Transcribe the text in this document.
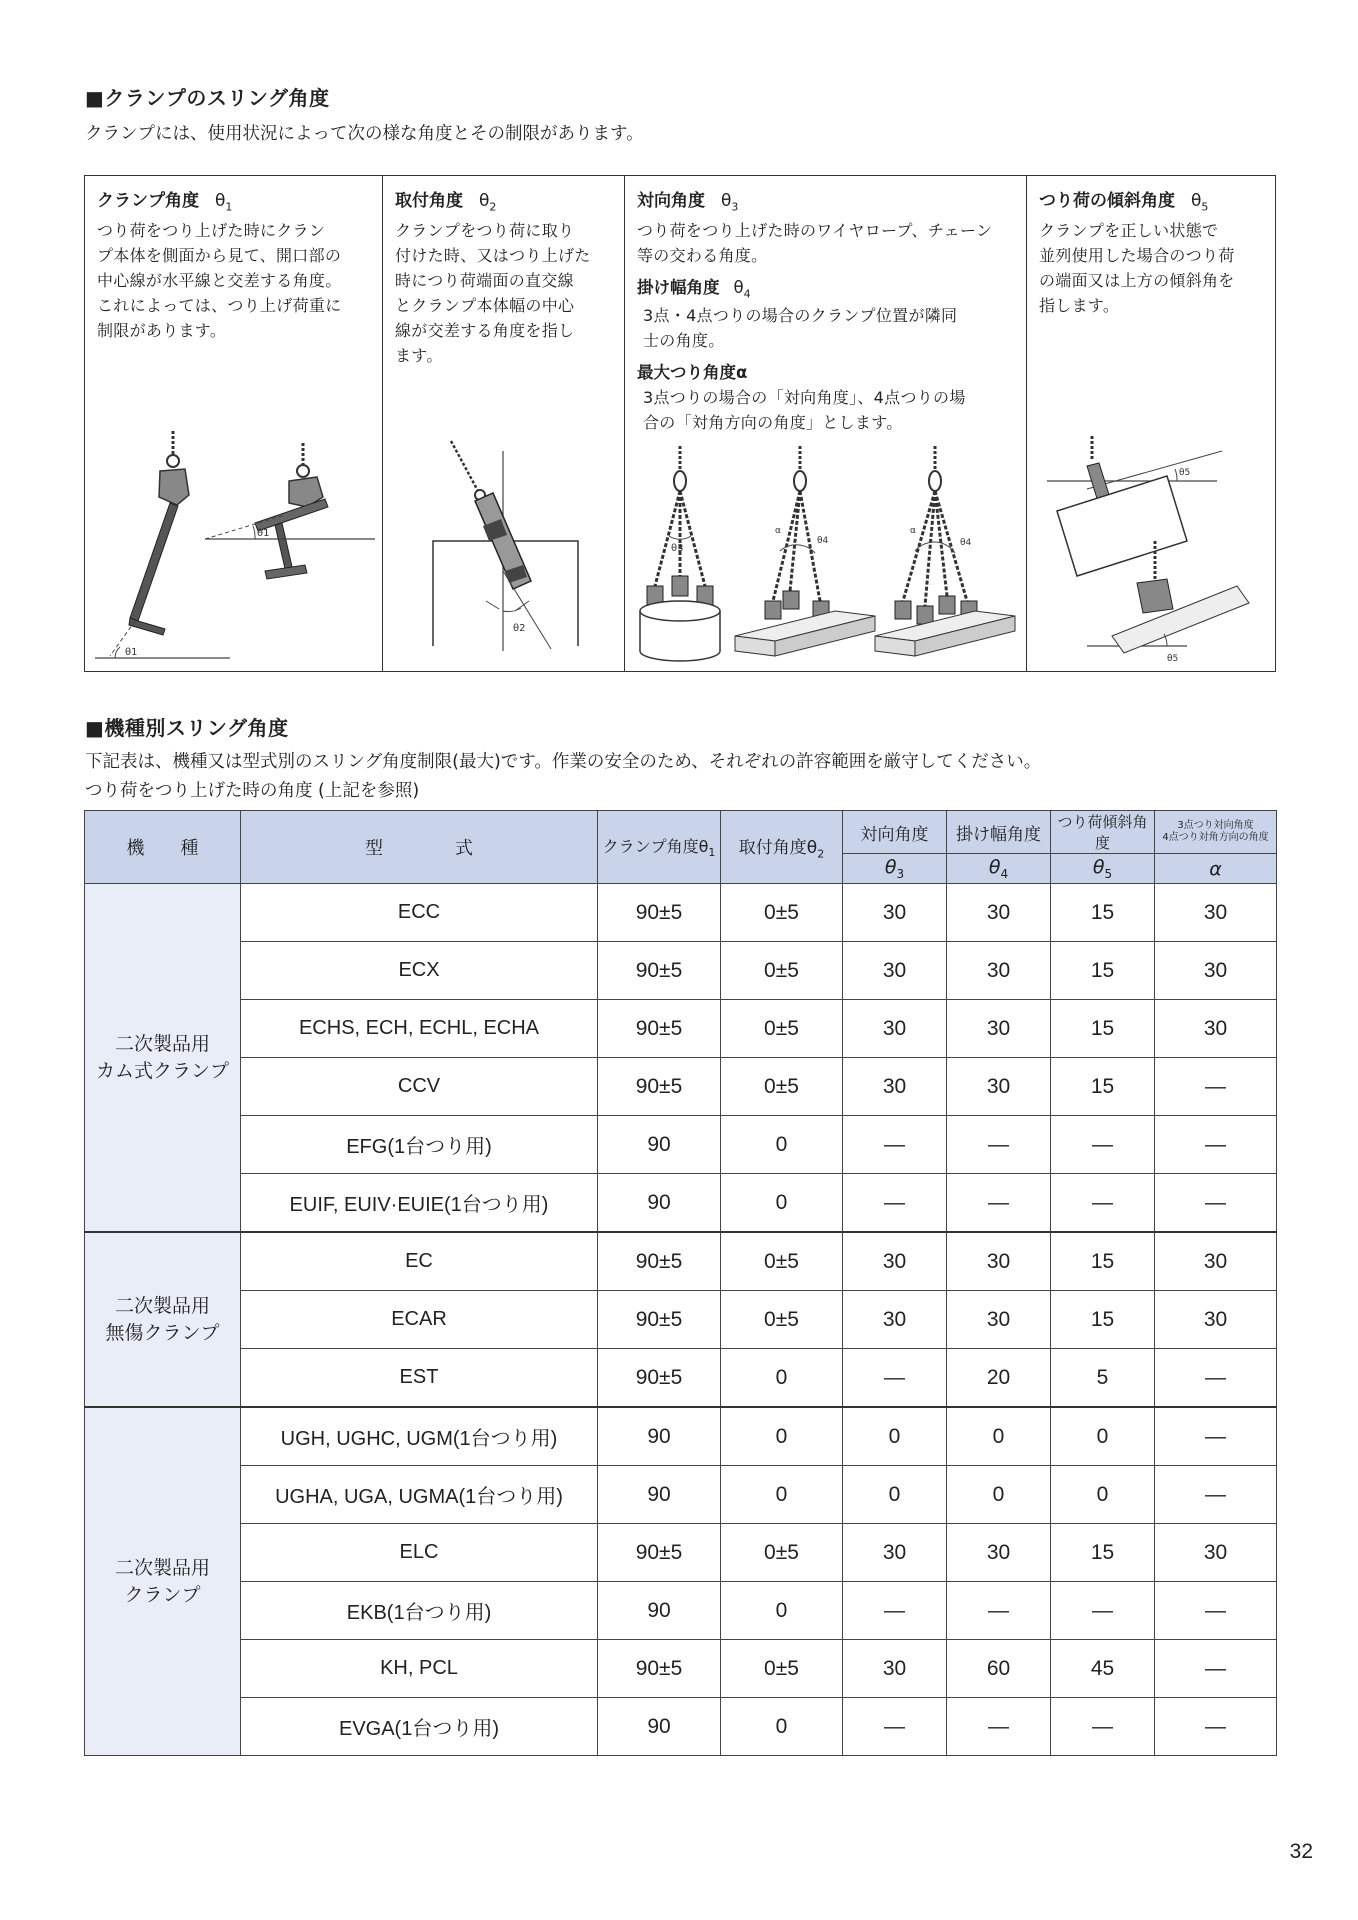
■クランプのスリング角度
クランプには、使用状況によって次の様な角度とその制限があります。
クランプ角度 $\theta_1$
つり荷をつり上げた時にクラン
プ本体を側面から見て、開口部の
中心線が水平線と交差する角度。
これによっては、つり上げ荷重に
制限があります。
θ1
θ1
取付角度 $\theta_2$
クランプをつり荷に取り
付けた時、又はつり上げた
時につり荷端面の直交線
とクランプ本体幅の中心
線が交差する角度を指し
ます。
θ2
対向角度 $\theta_3$
つり荷をつり上げた時のワイヤロープ、チェーン
等の交わる角度。
掛け幅角度 $\theta_4$
3点・4点つりの場合のクランプ位置が隣同
士の角度。
最大つり角度α
3点つりの場合の「対向角度」、4点つりの場
合の「対角方向の角度」とします。
θ3
α
θ4
α
θ4
つり荷の傾斜角度 $\theta_5$
クランプを正しい状態で
並列使用した場合のつり荷
の端面又は上方の傾斜角を
指します。
θ5
θ5
■機種別スリング角度
下記表は、機種又は型式別のスリング角度制限(最大)です。作業の安全のため、それぞれの許容範囲を厳守してください。
つり荷をつり上げた時の角度 (上記を参照)
機　　種	型　　　　式	クランプ角度$\theta_1$	取付角度$\theta_2$	対向角度	掛け幅角度	つり荷傾斜角度	3点つり対向角度
4点つり対角方向の角度

				$\theta_3$	$\theta_4$	$\theta_5$	α

二次製品用
カム式クランプ	ECC	90±5	0±5	30	30	15	30
	ECX	90±5	0±5	30	30	15	30
	ECHS, ECH, ECHL, ECHA	90±5	0±5	30	30	15	30
	CCV	90±5	0±5	30	30	15	—
	EFG(1台つり用)	90	0	—	—	—	—
	EUIF, EUIV·EUIE(1台つり用)	90	0	—	—	—	—

二次製品用
無傷クランプ	EC	90±5	0±5	30	30	15	30
	ECAR	90±5	0±5	30	30	15	30
	EST	90±5	0	—	20	5	—

二次製品用
クランプ	UGH, UGHC, UGM(1台つり用)	90	0	0	0	0	—
	UGHA, UGA, UGMA(1台つり用)	90	0	0	0	0	—
	ELC	90±5	0±5	30	30	15	30
	EKB(1台つり用)	90	0	—	—	—	—
	KH, PCL	90±5	0±5	30	60	45	—
	EVGA(1台つり用)	90	0	—	—	—	—
32
